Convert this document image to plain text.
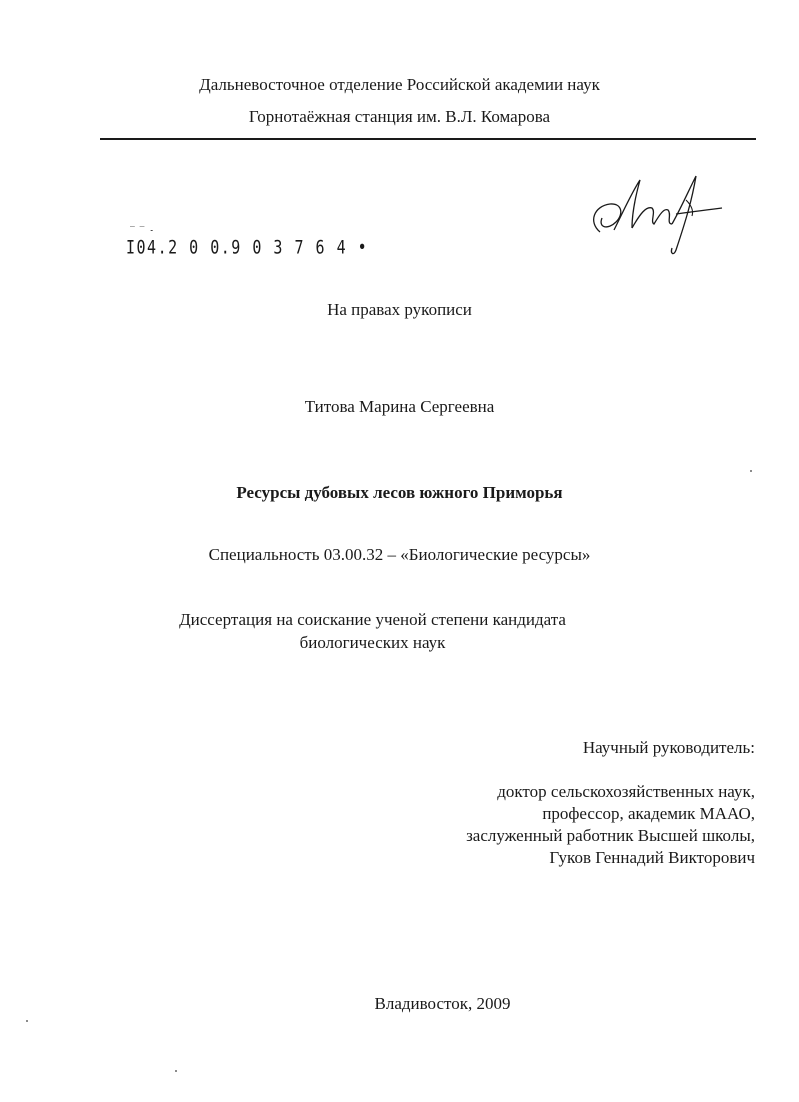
Дальневосточное отделение Российской академии наук
Горнотаёжная станция им. В.Л. Комарова
‾ ‾ -
I04.2 0 0.9 0 3 7 6 4 •
На правах рукописи
Титова Марина Сергеевна
Ресурсы дубовых лесов южного Приморья
Специальность 03.00.32 – «Биологические ресурсы»
Диссертация на соискание ученой степени кандидата
биологических наук
Научный руководитель:
доктор сельскохозяйственных наук,
профессор, академик МААО,
заслуженный работник Высшей школы,
Гуков Геннадий Викторович
Владивосток, 2009
